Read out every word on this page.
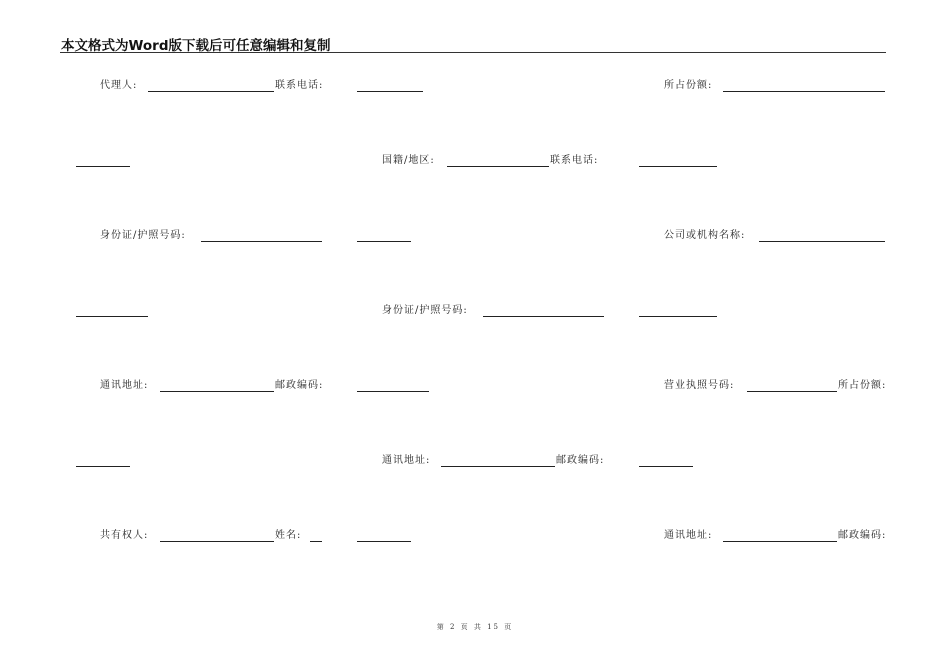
本文格式为Word版下载后可任意编辑和复制
代理人:	联系电话:	所占份额:
国籍/地区:	联系电话:
身份证/护照号码:	公司或机构名称:
身份证/护照号码:
通讯地址:	邮政编码:	营业执照号码:	所占份额:
通讯地址:	邮政编码:
共有权人:	姓名:	通讯地址:	邮政编码:
第 2 页 共 15 页
